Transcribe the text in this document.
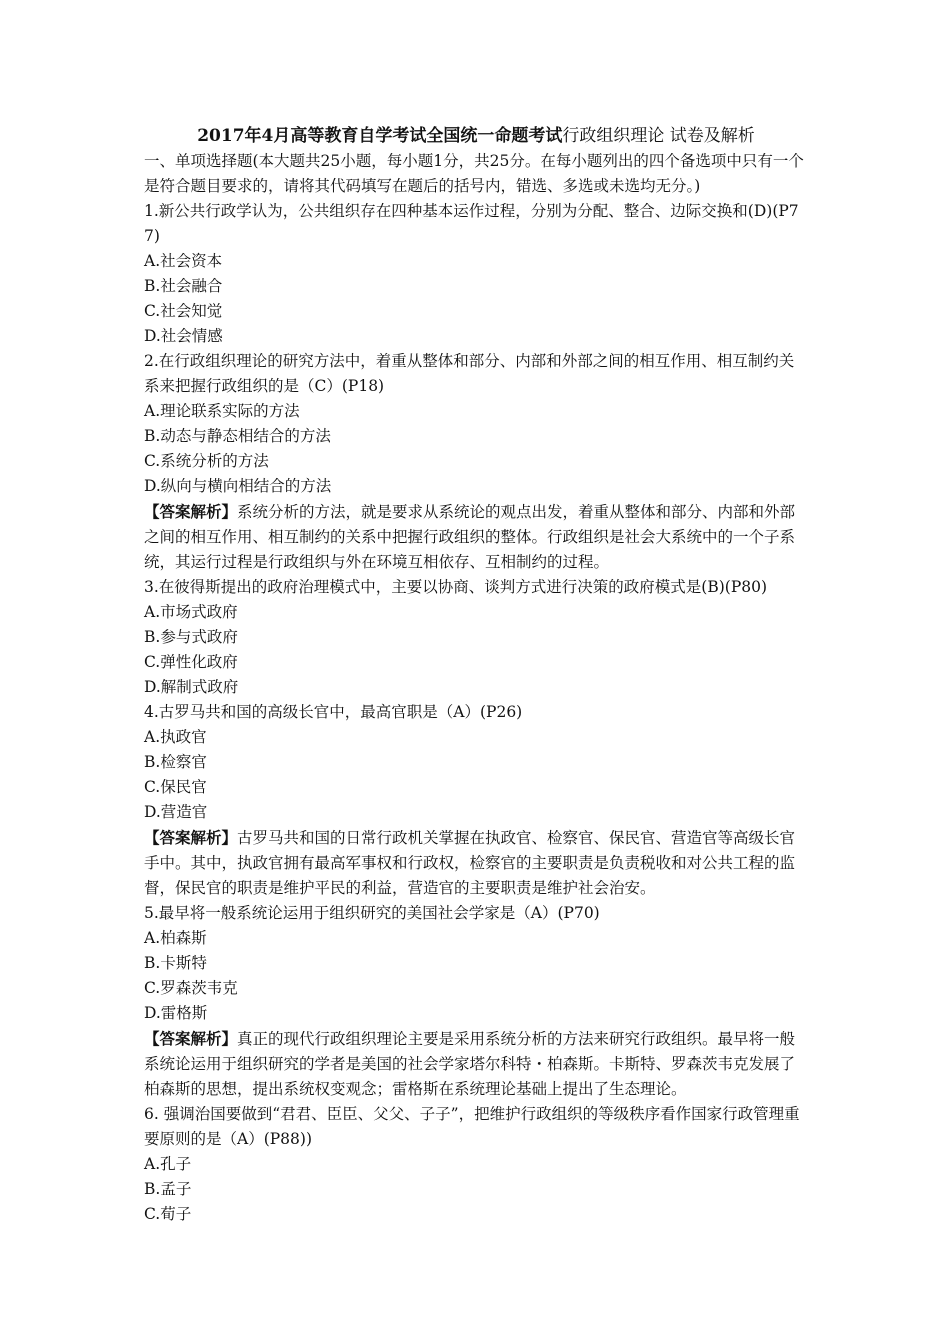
2017年4月高等教育自学考试全国统一命题考试行政组织理论 试卷及解析

一、单项选择题(本大题共25小题，每小题1分，共25分。在每小题列出的四个备选项中只有一个是符合题目要求的，请将其代码填写在题后的括号内，错选、多选或未选均无分。)

1.新公共行政学认为，公共组织存在四种基本运作过程，分别为分配、整合、边际交换和(D)(P77)

A.社会资本

B.社会融合

C.社会知觉

D.社会情感

2.在行政组织理论的研究方法中，着重从整体和部分、内部和外部之间的相互作用、相互制约关系来把握行政组织的是（C）(P18)

A.理论联系实际的方法

B.动态与静态相结合的方法

C.系统分析的方法

D.纵向与横向相结合的方法

【答案解析】系统分析的方法，就是要求从系统论的观点出发，着重从整体和部分、内部和外部之间的相互作用、相互制约的关系中把握行政组织的整体。行政组织是社会大系统中的一个子系统，其运行过程是行政组织与外在环境互相依存、互相制约的过程。

3.在彼得斯提出的政府治理模式中，主要以协商、谈判方式进行决策的政府模式是(B)(P80)

A.市场式政府

B.参与式政府

C.弹性化政府

D.解制式政府

4.古罗马共和国的高级长官中，最高官职是（A）(P26)

A.执政官

B.检察官

C.保民官

D.营造官

【答案解析】古罗马共和国的日常行政机关掌握在执政官、检察官、保民官、营造官等高级长官手中。其中，执政官拥有最高军事权和行政权，检察官的主要职责是负责税收和对公共工程的监督，保民官的职责是维护平民的利益，营造官的主要职责是维护社会治安。

5.最早将一般系统论运用于组织研究的美国社会学家是（A）(P70)

A.柏森斯

B.卡斯特

C.罗森茨韦克

D.雷格斯

【答案解析】真正的现代行政组织理论主要是采用系统分析的方法来研究行政组织。最早将一般系统论运用于组织研究的学者是美国的社会学家塔尔科特・柏森斯。卡斯特、罗森茨韦克发展了柏森斯的思想，提出系统权变观念；雷格斯在系统理论基础上提出了生态理论。

6. 强调治国要做到“君君、臣臣、父父、子子”，把维护行政组织的等级秩序看作国家行政管理重要原则的是（A）(P88))

A.孔子

B.孟子

C.荀子
